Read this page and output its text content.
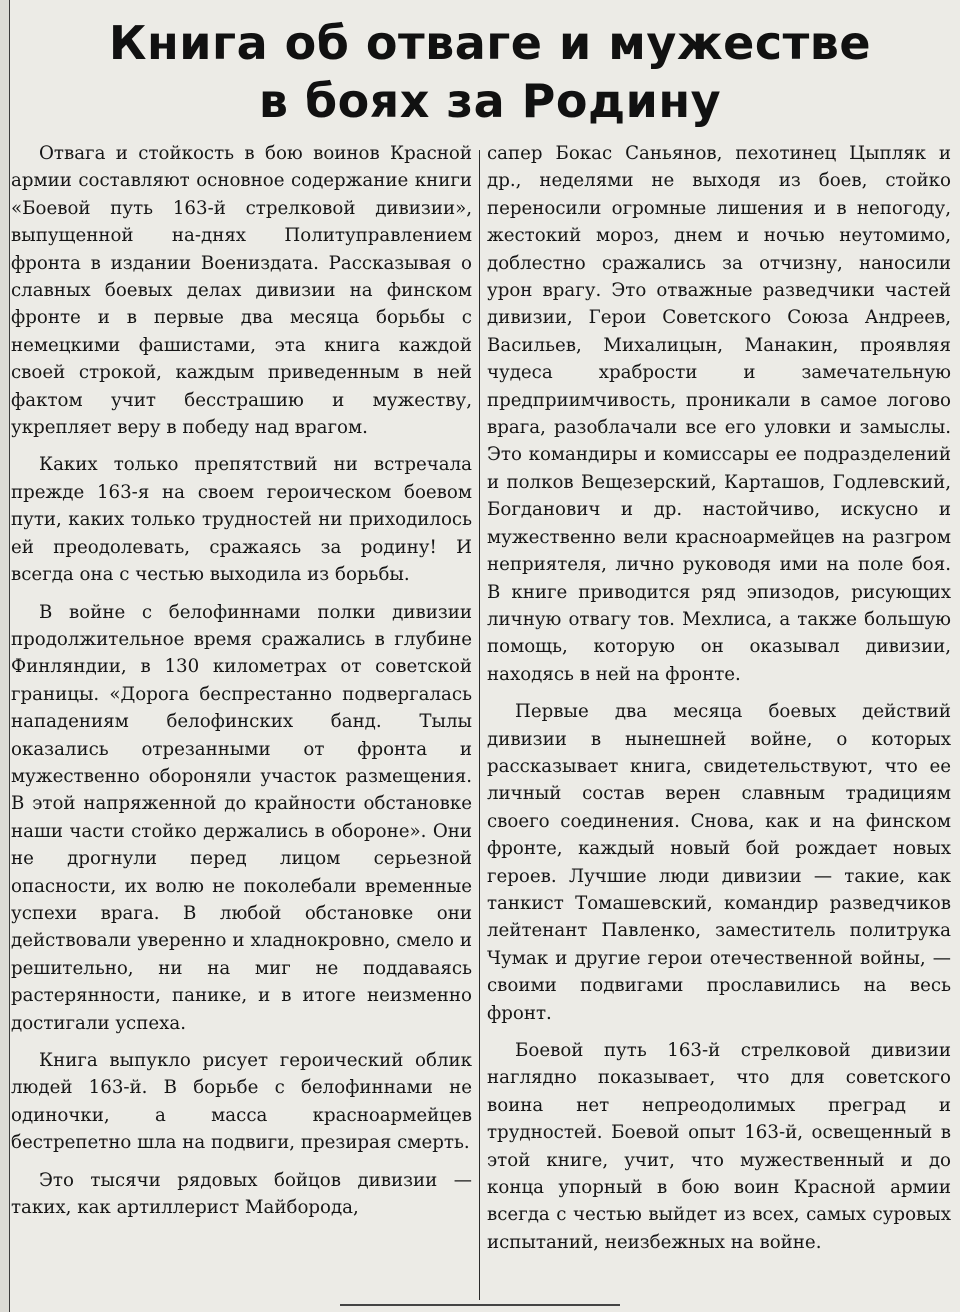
Книга об отваге и мужестве
в боях за Родину

Отвага и стойкость в бою воинов Красной армии составляют основное содержание книги «Боевой путь 163-й стрелковой дивизии», выпущенной на-днях Политуправлением фронта в издании Воениздата. Рассказывая о славных боевых делах дивизии на финском фронте и в первые два месяца борьбы с немецкими фашистами, эта книга каждой своей строкой, каждым приведенным в ней фактом учит бесстрашию и мужеству, укрепляет веру в победу над врагом.

Каких только препятствий ни встречала прежде 163-я на своем героическом боевом пути, каких только трудностей ни приходилось ей преодолевать, сражаясь за родину! И всегда она с честью выходила из борьбы.

В войне с белофиннами полки дивизии продолжительное время сражались в глубине Финляндии, в 130 километрах от советской границы. «Дорога беспрестанно подвергалась нападениям белофинских банд. Тылы оказались отрезанными от фронта и мужественно обороняли участок размещения. В этой напряженной до крайности обстановке наши части стойко держались в обороне». Они не дрогнули перед лицом серьезной опасности, их волю не поколебали временные успехи врага. В любой обстановке они действовали уверенно и хладнокровно, смело и решительно, ни на миг не поддаваясь растерянности, панике, и в итоге неизменно достигали успеха.

Книга выпукло рисует героический облик людей 163-й. В борьбе с белофиннами не одиночки, а масса красноармейцев бестрепетно шла на подвиги, презирая смерть.

Это тысячи рядовых бойцов дивизии — таких, как артиллерист Майборода,

сапер Бокас Саньянов, пехотинец Цыпляк и др., неделями не выходя из боев, стойко переносили огромные лишения и в непогоду, жестокий мороз, днем и ночью неутомимо, доблестно сражались за отчизну, наносили урон врагу. Это отважные разведчики частей дивизии, Герои Советского Союза Андреев, Васильев, Михалицын, Манакин, проявляя чудеса храбрости и замечательную предприимчивость, проникали в самое логово врага, разоблачали все его уловки и замыслы. Это командиры и комиссары ее подразделений и полков Вещезерский, Карташов, Годлевский, Богданович и др. настойчиво, искусно и мужественно вели красноармейцев на разгром неприятеля, лично руководя ими на поле боя. В книге приводится ряд эпизодов, рисующих личную отвагу тов. Мехлиса, а также большую помощь, которую он оказывал дивизии, находясь в ней на фронте.

Первые два месяца боевых действий дивизии в нынешней войне, о которых рассказывает книга, свидетельствуют, что ее личный состав верен славным традициям своего соединения. Снова, как и на финском фронте, каждый новый бой рождает новых героев. Лучшие люди дивизии — такие, как танкист Томашевский, командир разведчиков лейтенант Павленко, заместитель политрука Чумак и другие герои отечественной войны, — своими подвигами прославились на весь фронт.

Боевой путь 163-й стрелковой дивизии наглядно показывает, что для советского воина нет непреодолимых преград и трудностей. Боевой опыт 163-й, освещенный в этой книге, учит, что мужественный и до конца упорный в бою воин Красной армии всегда с честью выйдет из всех, самых суровых испытаний, неизбежных на войне.
